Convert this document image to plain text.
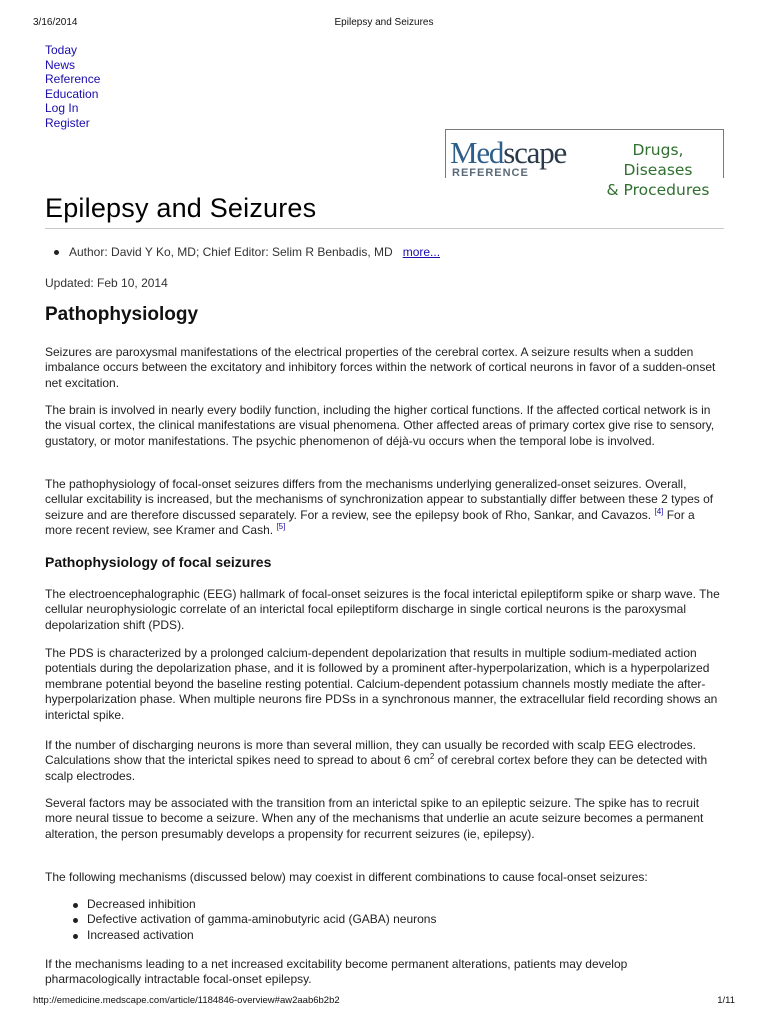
3/16/2014	Epilepsy and Seizures
Today
News
Reference
Education
Log In
Register
Medscape
REFERENCE
Drugs, Diseases
& Procedures
Epilepsy and Seizures
Author: David Y Ko, MD; Chief Editor: Selim R Benbadis, MD more...
Updated: Feb 10, 2014
Pathophysiology
Seizures are paroxysmal manifestations of the electrical properties of the cerebral cortex. A seizure results when a sudden imbalance occurs between the excitatory and inhibitory forces within the network of cortical neurons in favor of a sudden-onset net excitation.
The brain is involved in nearly every bodily function, including the higher cortical functions. If the affected cortical network is in the visual cortex, the clinical manifestations are visual phenomena. Other affected areas of primary cortex give rise to sensory, gustatory, or motor manifestations. The psychic phenomenon of déjà-vu occurs when the temporal lobe is involved.
The pathophysiology of focal-onset seizures differs from the mechanisms underlying generalized-onset seizures. Overall, cellular excitability is increased, but the mechanisms of synchronization appear to substantially differ between these 2 types of seizure and are therefore discussed separately. For a review, see the epilepsy book of Rho, Sankar, and Cavazos. [4] For a more recent review, see Kramer and Cash. [5]
Pathophysiology of focal seizures
The electroencephalographic (EEG) hallmark of focal-onset seizures is the focal interictal epileptiform spike or sharp wave. The cellular neurophysiologic correlate of an interictal focal epileptiform discharge in single cortical neurons is the paroxysmal depolarization shift (PDS).
The PDS is characterized by a prolonged calcium-dependent depolarization that results in multiple sodium-mediated action potentials during the depolarization phase, and it is followed by a prominent after-hyperpolarization, which is a hyperpolarized membrane potential beyond the baseline resting potential. Calcium-dependent potassium channels mostly mediate the after-hyperpolarization phase. When multiple neurons fire PDSs in a synchronous manner, the extracellular field recording shows an interictal spike.
If the number of discharging neurons is more than several million, they can usually be recorded with scalp EEG electrodes. Calculations show that the interictal spikes need to spread to about 6 $cm^2$ of cerebral cortex before they can be detected with scalp electrodes.
Several factors may be associated with the transition from an interictal spike to an epileptic seizure. The spike has to recruit more neural tissue to become a seizure. When any of the mechanisms that underlie an acute seizure becomes a permanent alteration, the person presumably develops a propensity for recurrent seizures (ie, epilepsy).
The following mechanisms (discussed below) may coexist in different combinations to cause focal-onset seizures:
Decreased inhibition
Defective activation of gamma-aminobutyric acid (GABA) neurons
Increased activation
If the mechanisms leading to a net increased excitability become permanent alterations, patients may develop pharmacologically intractable focal-onset epilepsy.
http://emedicine.medscape.com/article/1184846-overview#aw2aab6b2b2	1/11
